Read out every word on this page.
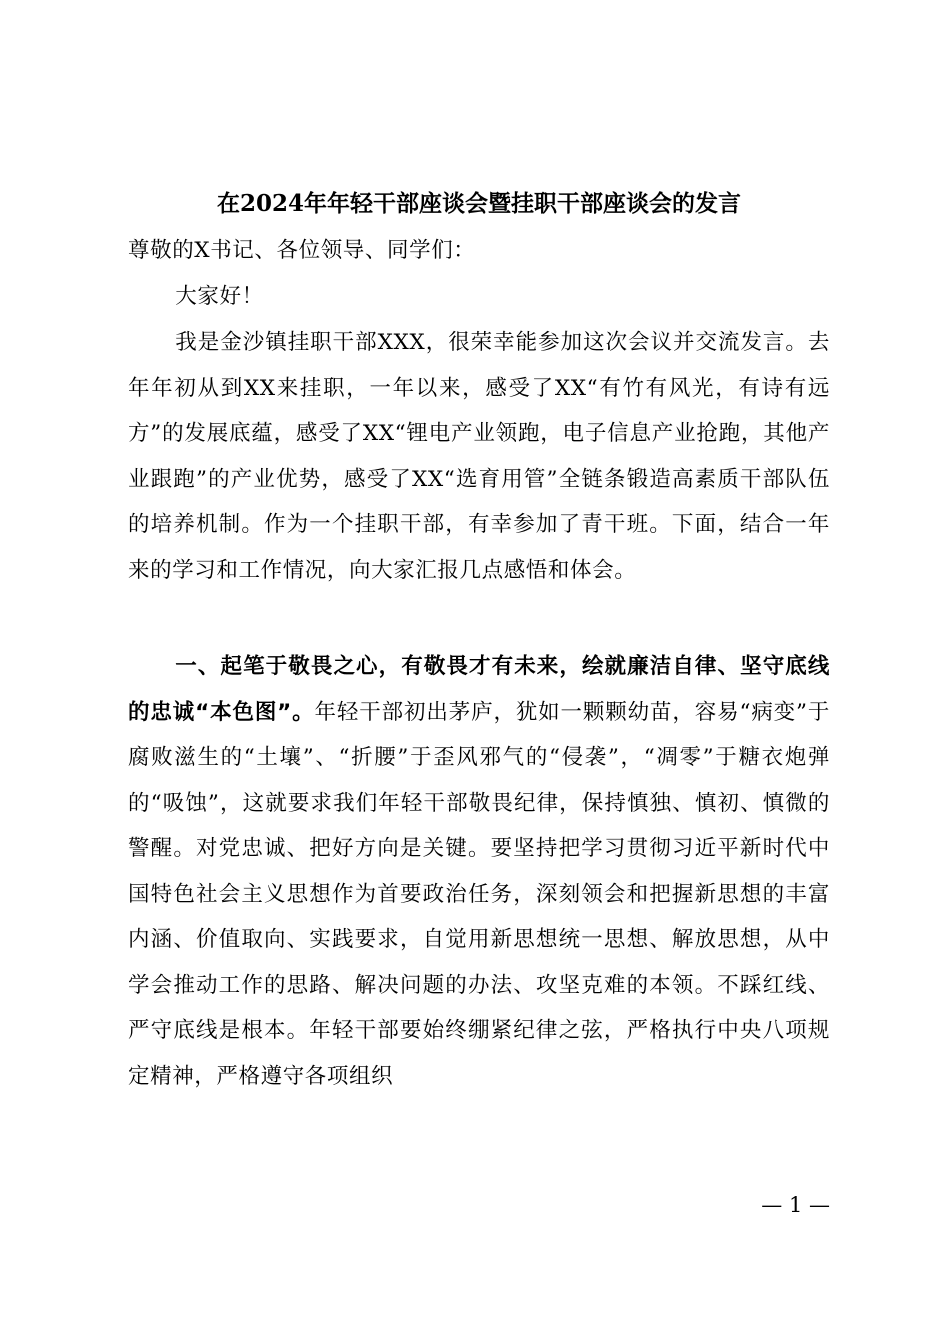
在2024年年轻干部座谈会暨挂职干部座谈会的发言

尊敬的X书记、各位领导、同学们：

大家好！

我是金沙镇挂职干部XXX，很荣幸能参加这次会议并交流发言。去年年初从到XX来挂职，一年以来，感受了XX“有竹有风光，有诗有远方”的发展底蕴，感受了XX“锂电产业领跑，电子信息产业抢跑，其他产业跟跑”的产业优势，感受了XX“选育用管”全链条锻造高素质干部队伍的培养机制。作为一个挂职干部，有幸参加了青干班。下面，结合一年来的学习和工作情况，向大家汇报几点感悟和体会。

一、起笔于敬畏之心，有敬畏才有未来，绘就廉洁自律、坚守底线的忠诚“本色图”。年轻干部初出茅庐，犹如一颗颗幼苗，容易“病变”于腐败滋生的“土壤”、“折腰”于歪风邪气的“侵袭”，“凋零”于糖衣炮弹的“吸蚀”，这就要求我们年轻干部敬畏纪律，保持慎独、慎初、慎微的警醒。对党忠诚、把好方向是关键。要坚持把学习贯彻习近平新时代中国特色社会主义思想作为首要政治任务，深刻领会和把握新思想的丰富内涵、价值取向、实践要求，自觉用新思想统一思想、解放思想，从中学会推动工作的思路、解决问题的办法、攻坚克难的本领。不踩红线、严守底线是根本。年轻干部要始终绷紧纪律之弦，严格执行中央八项规定精神，严格遵守各项组织

— 1 —
